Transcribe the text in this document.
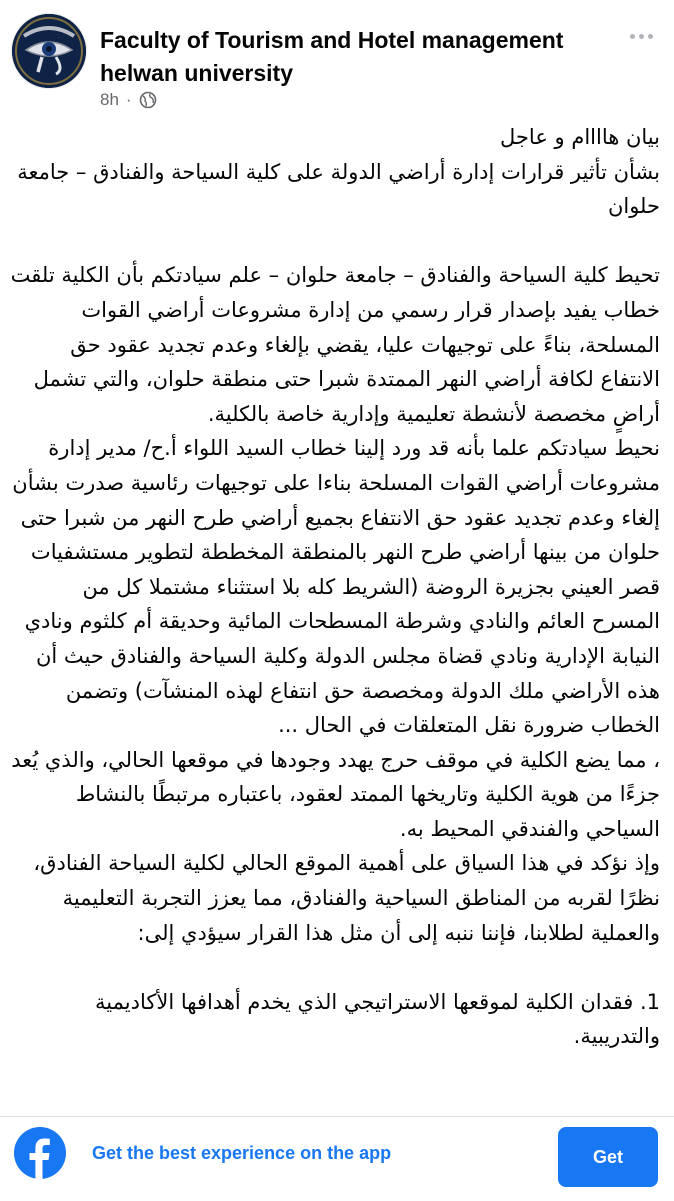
Faculty of Tourism and Hotel management helwan university
8h ·

بيان هاااام و عاجل

بشأن تأثير قرارات إدارة أراضي الدولة على كلية السياحة والفنادق – جامعة حلوان

تحيط كلية السياحة والفنادق – جامعة حلوان – علم سيادتكم بأن الكلية تلقت خطاب يفيد بإصدار قرار رسمي من إدارة مشروعات أراضي القوات المسلحة، بناءً على توجيهات عليا، يقضي بإلغاء وعدم تجديد عقود حق الانتفاع لكافة أراضي النهر الممتدة شبرا حتى منطقة حلوان، والتي تشمل أراضٍ مخصصة لأنشطة تعليمية وإدارية خاصة بالكلية.

نحيط سيادتكم علما بأنه قد ورد إلينا خطاب السيد اللواء أ.ح/ مدير إدارة مشروعات أراضي القوات المسلحة بناءا على توجيهات رئاسية صدرت بشأن إلغاء وعدم تجديد عقود حق الانتفاع بجميع أراضي طرح النهر من شبرا حتى حلوان من بينها أراضي طرح النهر بالمنطقة المخططة لتطوير مستشفيات قصر العيني بجزيرة الروضة (الشريط كله بلا استثناء مشتملا كل من المسرح العائم والنادي وشرطة المسطحات المائية وحديقة أم كلثوم ونادي النيابة الإدارية ونادي قضاة مجلس الدولة وكلية السياحة والفنادق حيث أن هذه الأراضي ملك الدولة ومخصصة حق انتفاع لهذه المنشآت) وتضمن الخطاب ضرورة نقل المتعلقات في الحال ...

، مما يضع الكلية في موقف حرج يهدد وجودها في موقعها الحالي، والذي يُعد جزءًا من هوية الكلية وتاريخها الممتد لعقود، باعتباره مرتبطًا بالنشاط السياحي والفندقي المحيط به.

وإذ نؤكد في هذا السياق على أهمية الموقع الحالي لكلية السياحة الفنادق، نظرًا لقربه من المناطق السياحية والفنادق، مما يعزز التجربة التعليمية والعملية لطلابنا، فإننا ننبه إلى أن مثل هذا القرار سيؤدي إلى:

1. فقدان الكلية لموقعها الاستراتيجي الذي يخدم أهدافها الأكاديمية والتدريبية.

Get the best experience on the app	Get
